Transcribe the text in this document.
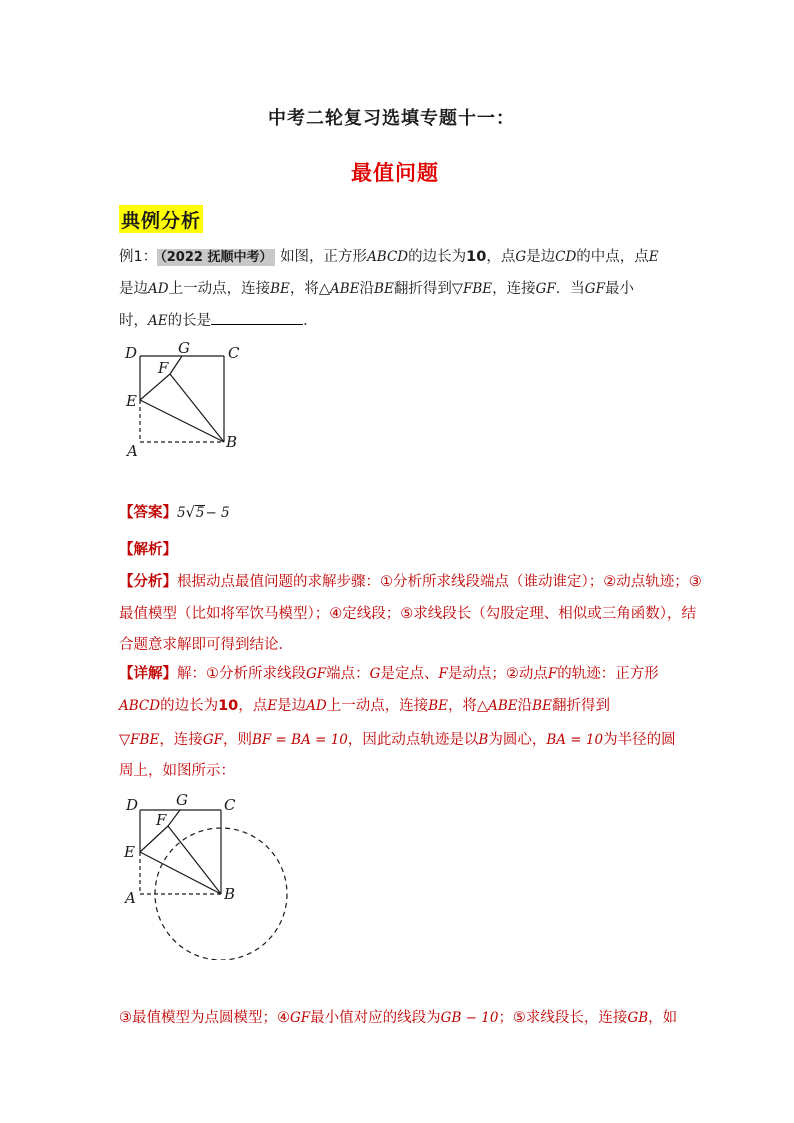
中考二轮复习选填专题十一：
最值问题
典例分析
例1： （2022 抚顺中考） 如图，正方形ABCD的边长为10，点G是边CD的中点，点E
是边AD上一动点，连接BE，将△ABE沿BE翻折得到▽FBE，连接GF．当GF最小
时，AE的长是	．
D	G	C
F
E
A	B
【答案】5√5− 5
【解析】
【分析】根据动点最值问题的求解步骤：①分析所求线段端点（谁动谁定）；②动点轨迹；③
最值模型（比如将军饮马模型）；④定线段；⑤求线段长（勾股定理、相似或三角函数），结
合题意求解即可得到结论．
【详解】解：①分析所求线段GF端点：G是定点、F是动点；②动点F的轨迹：正方形
ABCD的边长为10，点E是边AD上一动点，连接BE，将△ABE沿BE翻折得到
▽FBE，连接GF，则BF = BA = 10，因此动点轨迹是以B为圆心，BA = 10为半径的圆
周上，如图所示：
D	G C
F
E
A	B
③最值模型为点圆模型；④GF最小值对应的线段为GB − 10；⑤求线段长，连接GB，如
